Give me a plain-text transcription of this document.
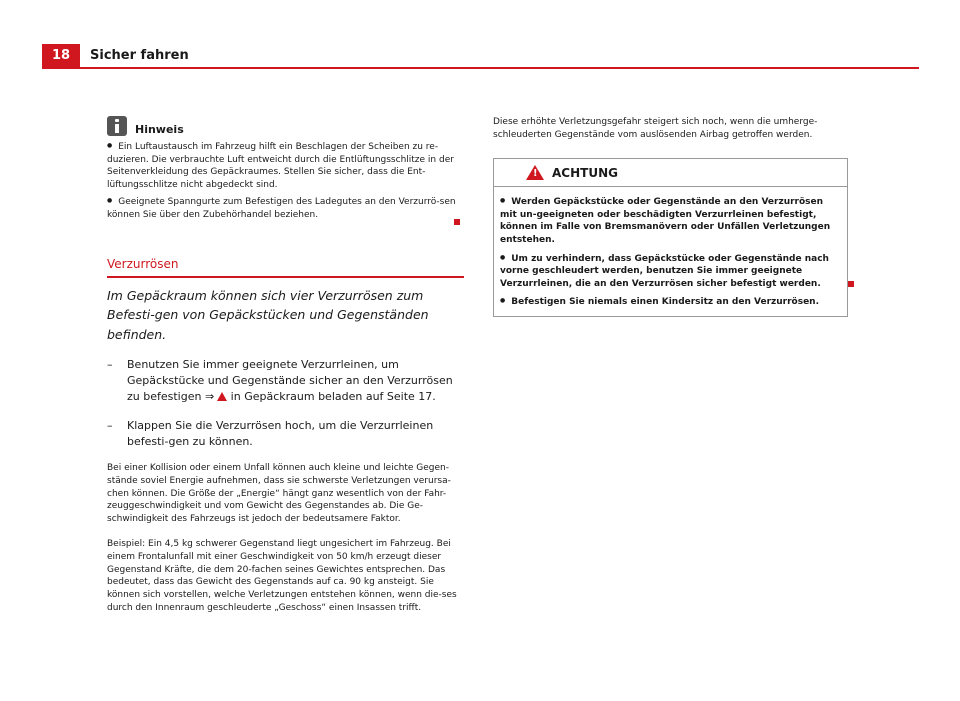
18	Sicher fahren
Hinweis

● Ein Luftaustausch im Fahrzeug hilft ein Beschlagen der Scheiben zu re-duzieren. Die verbrauchte Luft entweicht durch die Entlüftungsschlitze in der Seitenverkleidung des Gepäckraumes. Stellen Sie sicher, dass die Ent-lüftungsschlitze nicht abgedeckt sind.

● Geeignete Spanngurte zum Befestigen des Ladegutes an den Verzurrö-sen können Sie über den Zubehörhandel beziehen.

Verzurrösen
Im Gepäckraum können sich vier Verzurrösen zum Befesti-gen von Gepäckstücken und Gegenständen befinden.
–	Benutzen Sie immer geeignete Verzurrleinen, um Gepäckstücke und Gegenstände sicher an den Verzurrösen zu befestigen ⇒ in Gepäckraum beladen auf Seite 17.
–	Klappen Sie die Verzurrösen hoch, um die Verzurrleinen befesti-gen zu können.

Bei einer Kollision oder einem Unfall können auch kleine und leichte Gegen-stände soviel Energie aufnehmen, dass sie schwerste Verletzungen verursa-chen können. Die Größe der „Energie“ hängt ganz wesentlich von der Fahr-zeuggeschwindigkeit und vom Gewicht des Gegenstandes ab. Die Ge-schwindigkeit des Fahrzeugs ist jedoch der bedeutsamere Faktor.

Beispiel: Ein 4,5 kg schwerer Gegenstand liegt ungesichert im Fahrzeug. Bei einem Frontalunfall mit einer Geschwindigkeit von 50 km/h erzeugt dieser Gegenstand Kräfte, die dem 20-fachen seines Gewichtes entsprechen. Das bedeutet, dass das Gewicht des Gegenstands auf ca. 90 kg ansteigt. Sie können sich vorstellen, welche Verletzungen entstehen können, wenn die-ses durch den Innenraum geschleuderte „Geschoss“ einen Insassen trifft.

Diese erhöhte Verletzungsgefahr steigert sich noch, wenn die umherge-schleuderten Gegenstände vom auslösenden Airbag getroffen werden.

!
ACHTUNG

● Werden Gepäckstücke oder Gegenstände an den Verzurrösen mit un-geeigneten oder beschädigten Verzurrleinen befestigt, können im Falle von Bremsmanövern oder Unfällen Verletzungen entstehen.

● Um zu verhindern, dass Gepäckstücke oder Gegenstände nach vorne geschleudert werden, benutzen Sie immer geeignete Verzurrleinen, die an den Verzurrösen sicher befestigt werden.

● Befestigen Sie niemals einen Kindersitz an den Verzurrösen.
